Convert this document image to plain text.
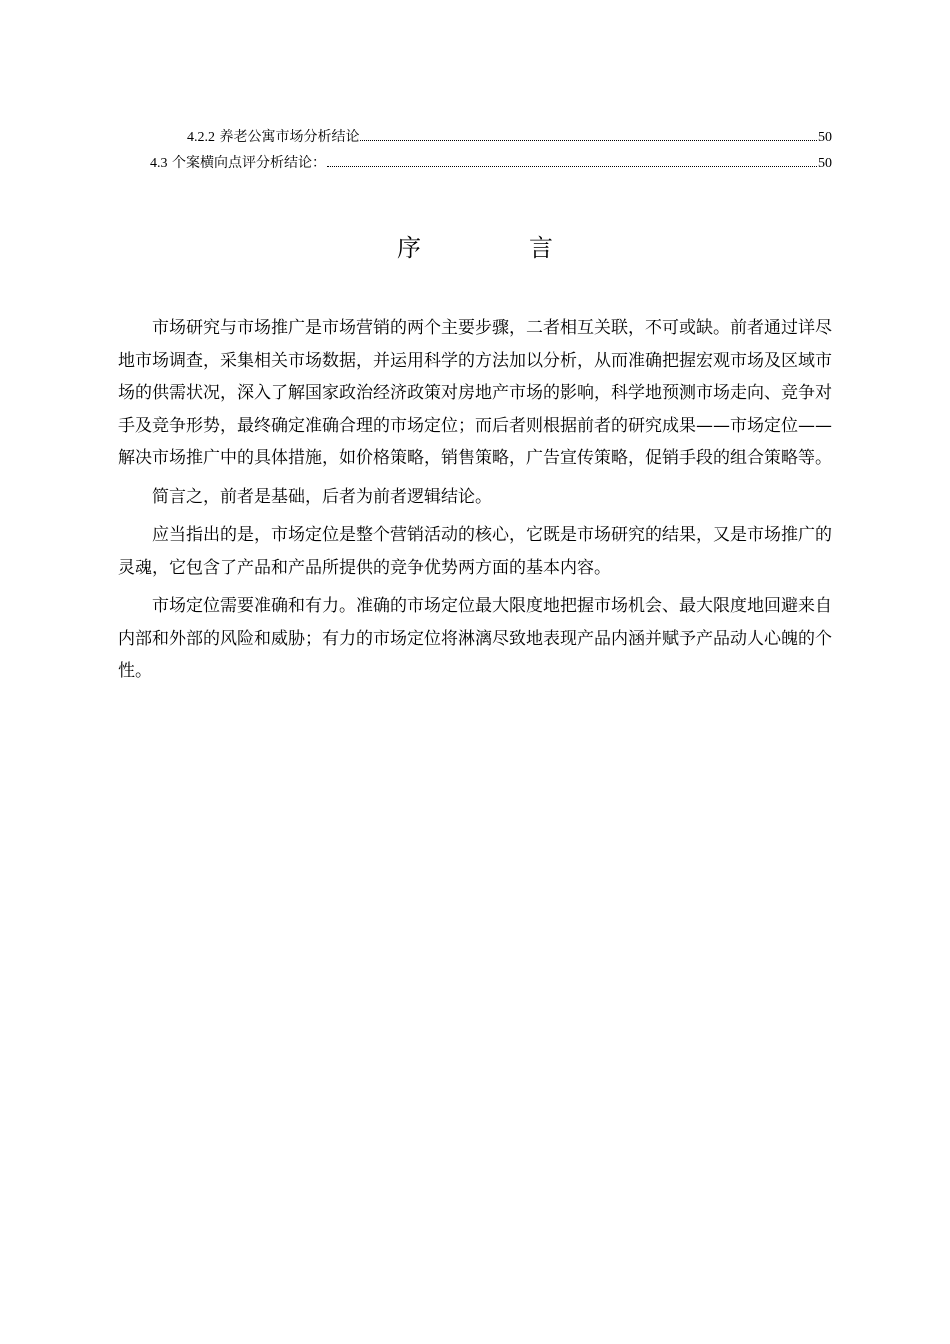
4.2.2 养老公寓市场分析结论	50
4.3 个案横向点评分析结论：	50
序	言

市场研究与市场推广是市场营销的两个主要步骤，二者相互关联，不可或缺。前者通过详尽地市场调查，采集相关市场数据，并运用科学的方法加以分析，从而准确把握宏观市场及区域市场的供需状况，深入了解国家政治经济政策对房地产市场的影响，科学地预测市场走向、竞争对手及竞争形势，最终确定准确合理的市场定位；而后者则根据前者的研究成果——市场定位——解决市场推广中的具体措施，如价格策略，销售策略，广告宣传策略，促销手段的组合策略等。

简言之，前者是基础，后者为前者逻辑结论。

应当指出的是，市场定位是整个营销活动的核心，它既是市场研究的结果，又是市场推广的灵魂，它包含了产品和产品所提供的竞争优势两方面的基本内容。

市场定位需要准确和有力。准确的市场定位最大限度地把握市场机会、最大限度地回避来自内部和外部的风险和威胁；有力的市场定位将淋漓尽致地表现产品内涵并赋予产品动人心魄的个性。
